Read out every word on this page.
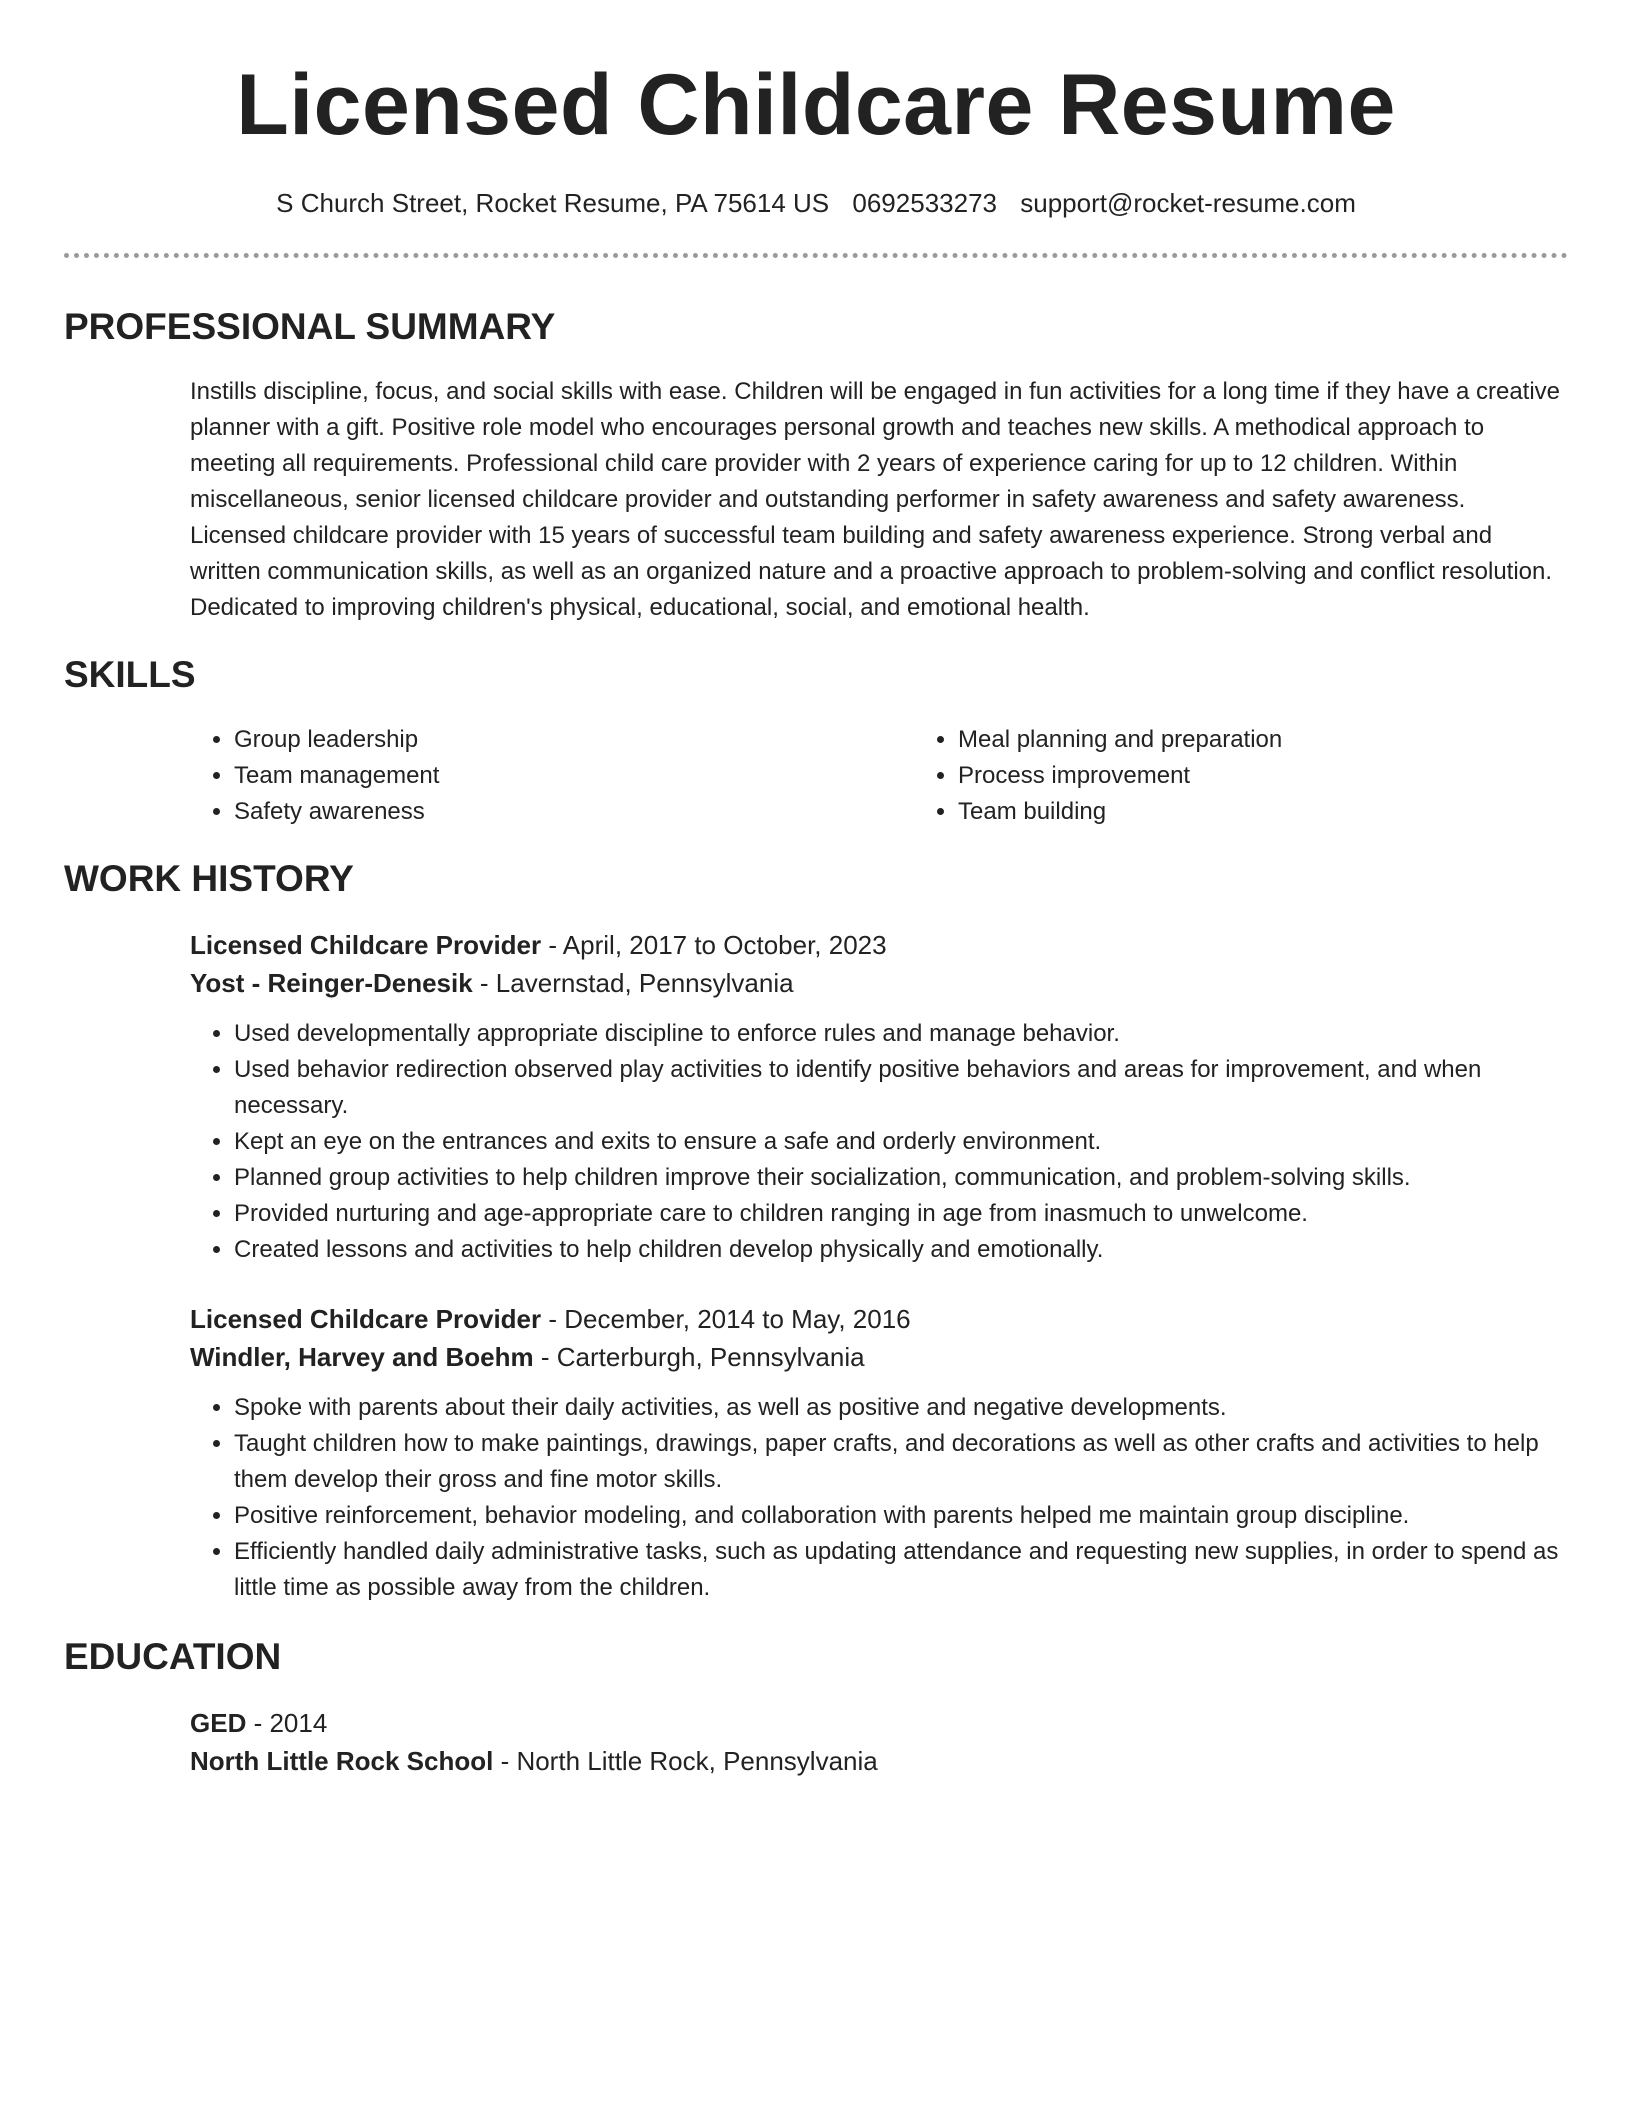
Licensed Childcare Resume
S Church Street, Rocket Resume, PA 75614 US 0692533273 support@rocket-resume.com
PROFESSIONAL SUMMARY

Instills discipline, focus, and social skills with ease. Children will be engaged in fun activities for a long time if they have a creative planner with a gift. Positive role model who encourages personal growth and teaches new skills. A methodical approach to meeting all requirements. Professional child care provider with 2 years of experience caring for up to 12 children. Within miscellaneous, senior licensed childcare provider and outstanding performer in safety awareness and safety awareness. Licensed childcare provider with 15 years of successful team building and safety awareness experience. Strong verbal and written communication skills, as well as an organized nature and a proactive approach to problem-solving and conflict resolution. Dedicated to improving children's physical, educational, social, and emotional health.

SKILLS
• Group leadership
• Team management
• Safety awareness
• Meal planning and preparation
• Process improvement
• Team building
WORK HISTORY
Licensed Childcare Provider - April, 2017 to October, 2023
Yost - Reinger-Denesik - Lavernstad, Pennsylvania
• Used developmentally appropriate discipline to enforce rules and manage behavior.
• Used behavior redirection observed play activities to identify positive behaviors and areas for improvement, and when necessary.
• Kept an eye on the entrances and exits to ensure a safe and orderly environment.
• Planned group activities to help children improve their socialization, communication, and problem-solving skills.
• Provided nurturing and age-appropriate care to children ranging in age from inasmuch to unwelcome.
• Created lessons and activities to help children develop physically and emotionally.
Licensed Childcare Provider - December, 2014 to May, 2016
Windler, Harvey and Boehm - Carterburgh, Pennsylvania
• Spoke with parents about their daily activities, as well as positive and negative developments.
• Taught children how to make paintings, drawings, paper crafts, and decorations as well as other crafts and activities to help them develop their gross and fine motor skills.
• Positive reinforcement, behavior modeling, and collaboration with parents helped me maintain group discipline.
• Efficiently handled daily administrative tasks, such as updating attendance and requesting new supplies, in order to spend as little time as possible away from the children.
EDUCATION
GED - 2014
North Little Rock School - North Little Rock, Pennsylvania
